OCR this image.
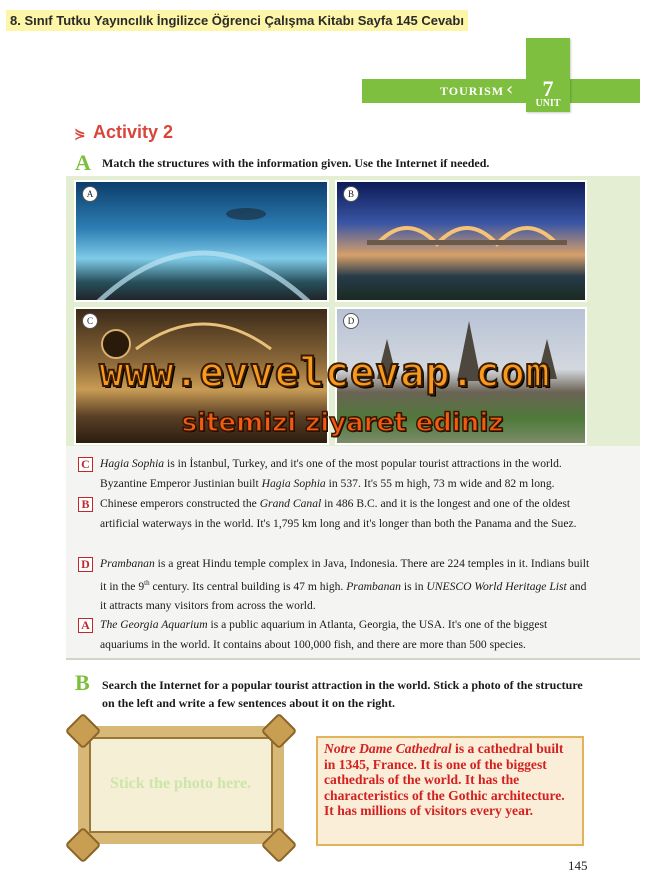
8. Sınıf Tutku Yayıncılık İngilizce Öğrenci Çalışma Kitabı Sayfa 145 Cevabı
TOURISM ‹	7
UNIT
⋟ Activity 2
A Match the structures with the information given. Use the Internet if needed.
A	B
C	D
www.evvelcevap.com
sitemizi ziyaret ediniz
C Hagia Sophia is in İstanbul, Turkey, and it's one of the most popular tourist attractions in the world. Byzantine Emperor Justinian built Hagia Sophia in 537. It's 55 m high, 73 m wide and 82 m long.
B Chinese emperors constructed the Grand Canal in 486 B.C. and it is the longest and one of the oldest artificial waterways in the world. It's 1,795 km long and it's longer than both the Panama and the Suez.
D Prambanan is a great Hindu temple complex in Java, Indonesia. There are 224 temples in it. Indians built it in the 9th century. Its central building is 47 m high. Prambanan is in UNESCO World Heritage List and it attracts many visitors from across the world.
A The Georgia Aquarium is a public aquarium in Atlanta, Georgia, the USA. It's one of the biggest aquariums in the world. It contains about 100,000 fish, and there are more than 500 species.
B Search the Internet for a popular tourist attraction in the world. Stick a photo of the structure on the left and write a few sentences about it on the right.
Stick the photo here.

Notre Dame Cathedral is a cathedral built in 1345, France. It is one of the biggest cathedrals of the world. It has the characteristics of the Gothic architecture. It has millions of visitors every year.

145
